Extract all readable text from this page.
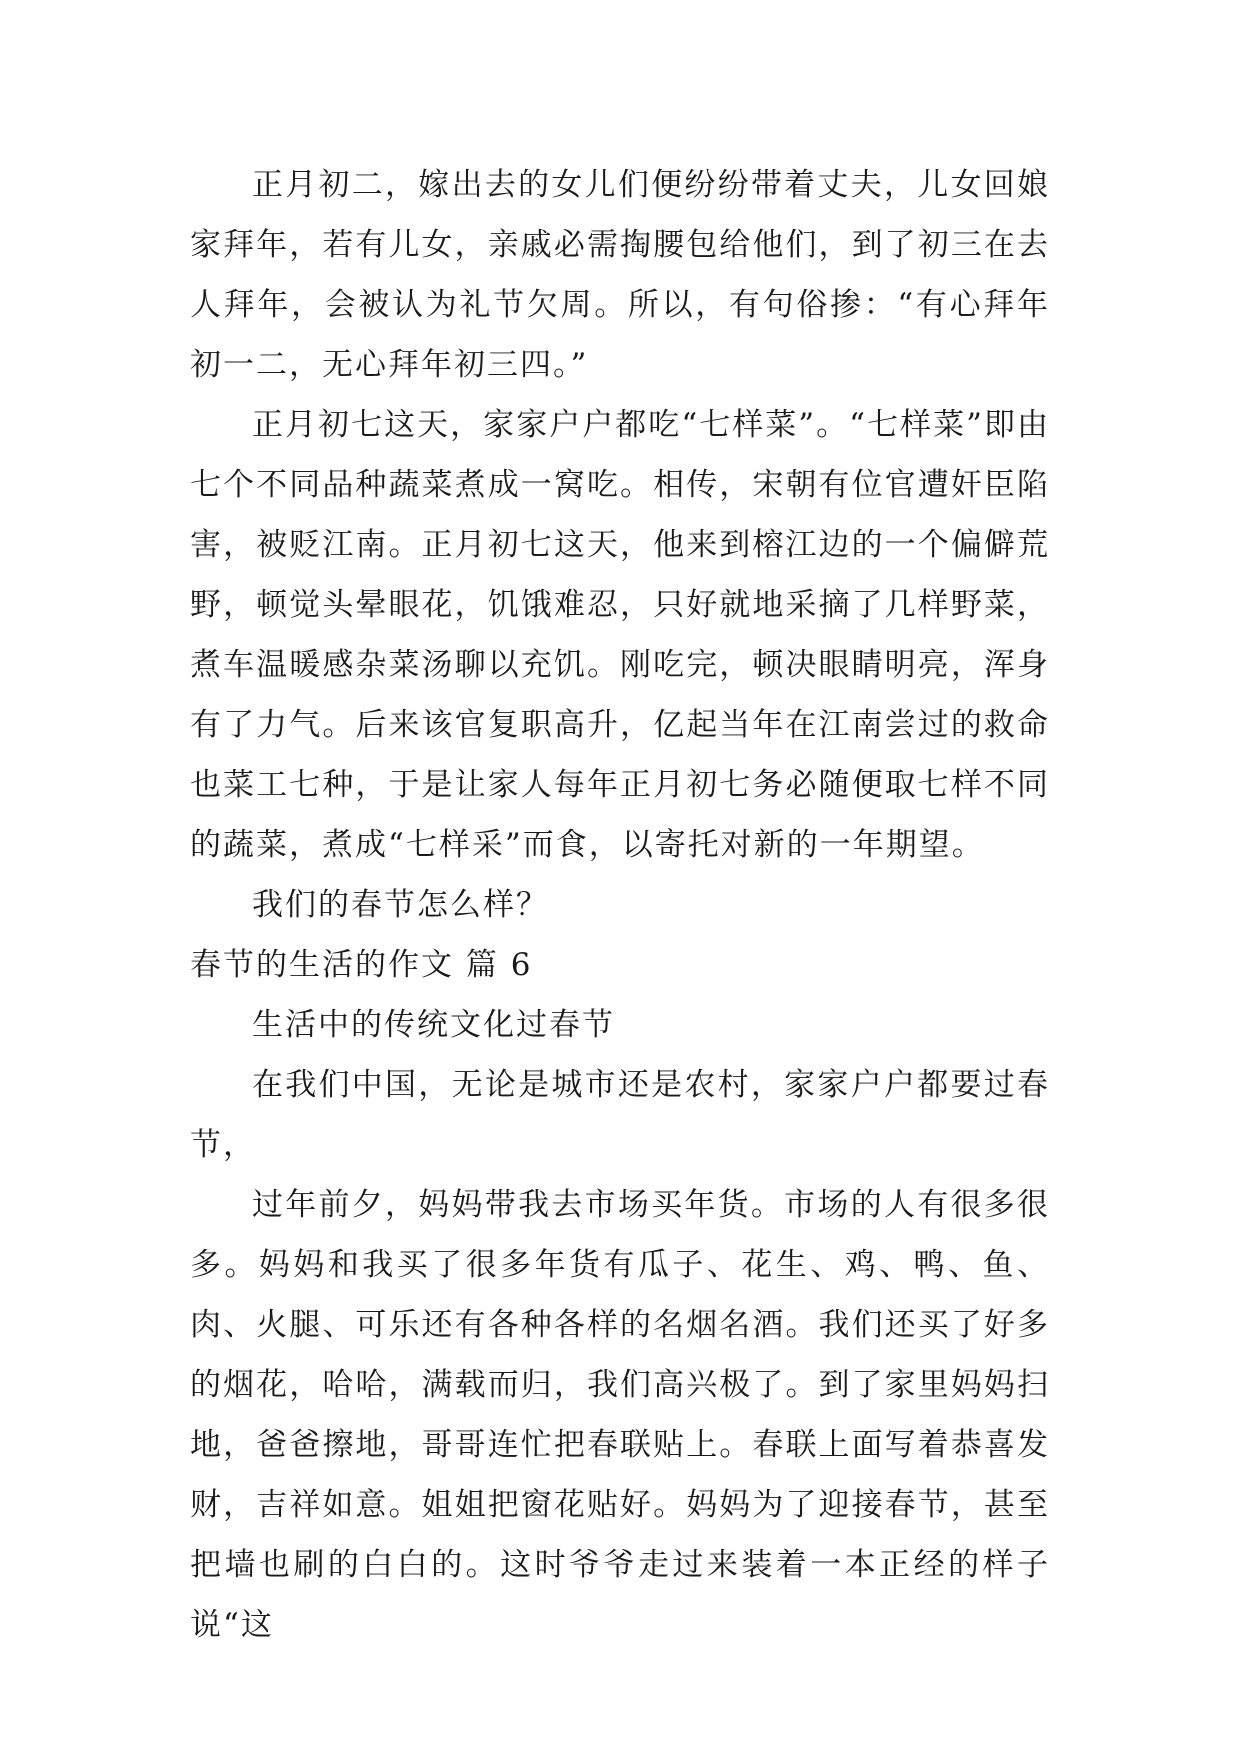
正月初二，嫁出去的女儿们便纷纷带着丈夫，儿女回娘家拜年，若有儿女，亲戚必需掏腰包给他们，到了初三在去人拜年，会被认为礼节欠周。所以，有句俗掺：“有心拜年初一二，无心拜年初三四。”

正月初七这天，家家户户都吃“七样菜”。“七样菜”即由七个不同品种蔬菜煮成一窝吃。相传，宋朝有位官遭奸臣陷害，被贬江南。正月初七这天，他来到榕江边的一个偏僻荒野，顿觉头晕眼花，饥饿难忍，只好就地采摘了几样野菜，煮车温暖感杂菜汤聊以充饥。刚吃完，顿决眼睛明亮，浑身有了力气。后来该官复职高升，亿起当年在江南尝过的救命也菜工七种，于是让家人每年正月初七务必随便取七样不同的蔬菜，煮成“七样采”而食，以寄托对新的一年期望。

我们的春节怎么样？

春节的生活的作文 篇 6

生活中的传统文化过春节

在我们中国，无论是城市还是农村，家家户户都要过春节，

过年前夕，妈妈带我去市场买年货。市场的人有很多很多。妈妈和我买了很多年货有瓜子、花生、鸡、鸭、鱼、肉、火腿、可乐还有各种各样的名烟名酒。我们还买了好多的烟花，哈哈，满载而归，我们高兴极了。到了家里妈妈扫地，爸爸擦地，哥哥连忙把春联贴上。春联上面写着恭喜发财，吉祥如意。姐姐把窗花贴好。妈妈为了迎接春节，甚至把墙也刷的白白的。这时爷爷走过来装着一本正经的样子说“这
